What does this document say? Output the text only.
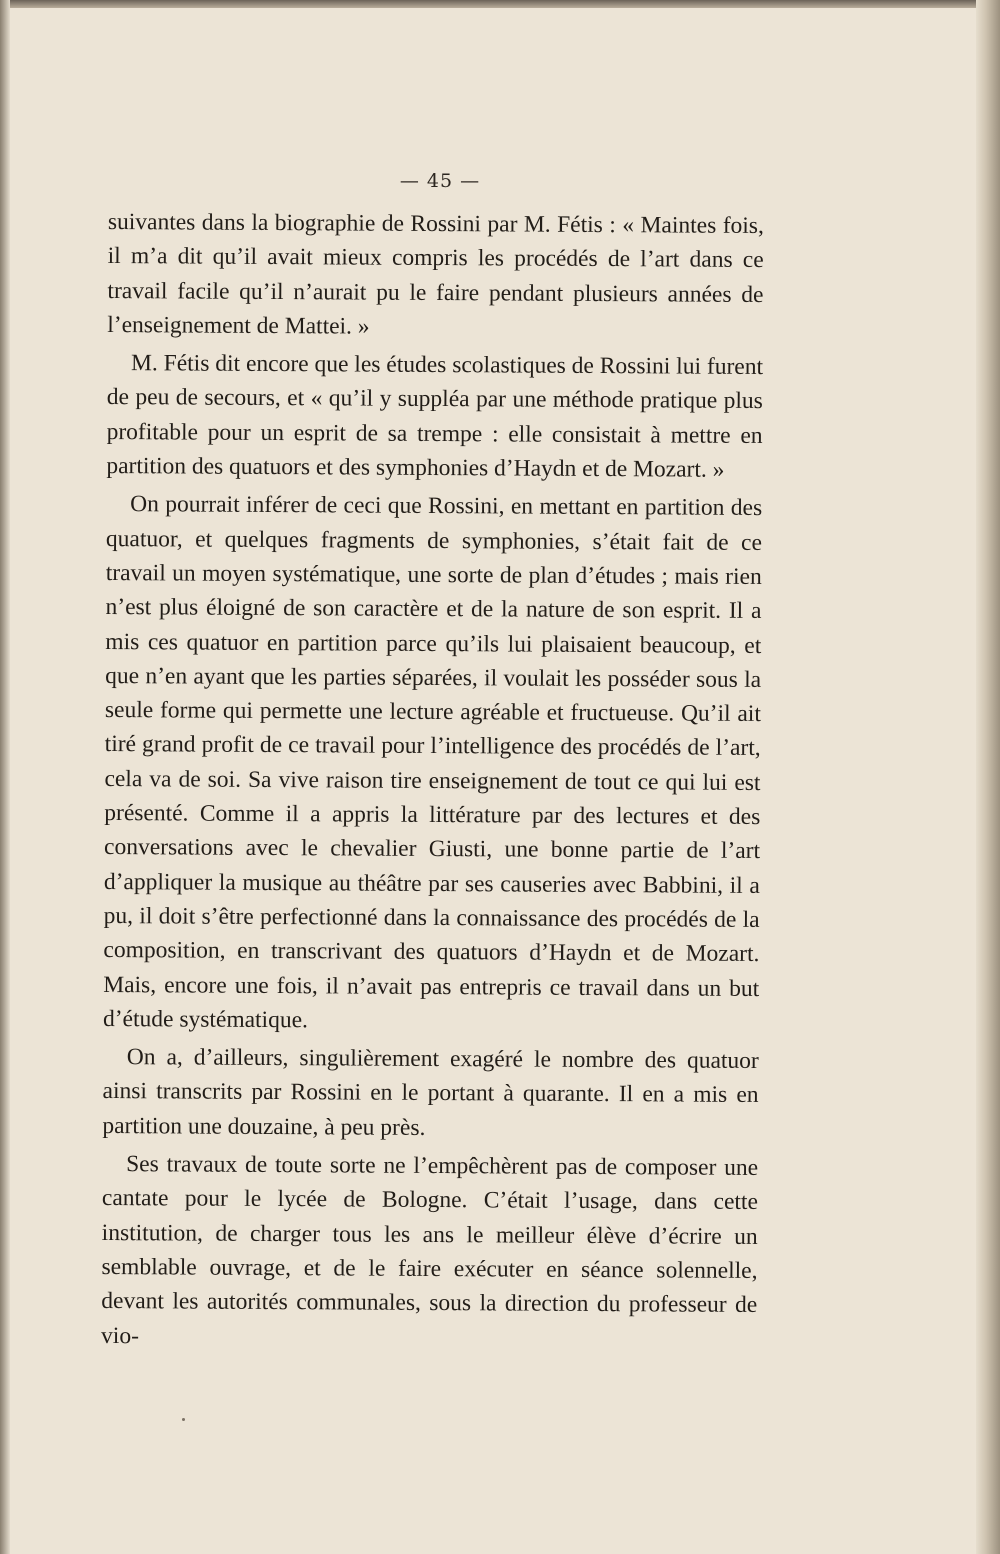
— 45 —

suivantes dans la biographie de Rossini par M. Fétis : « Maintes fois, il m’a dit qu’il avait mieux compris les procédés de l’art dans ce travail facile qu’il n’aurait pu le faire pendant plusieurs années de l’enseignement de Mattei. »

M. Fétis dit encore que les études scolastiques de Rossini lui furent de peu de secours, et « qu’il y suppléa par une méthode pratique plus profitable pour un esprit de sa trempe : elle consistait à mettre en partition des quatuors et des symphonies d’Haydn et de Mozart. »

On pourrait inférer de ceci que Rossini, en mettant en partition des quatuor, et quelques fragments de symphonies, s’était fait de ce travail un moyen systématique, une sorte de plan d’études ; mais rien n’est plus éloigné de son caractère et de la nature de son esprit. Il a mis ces quatuor en partition parce qu’ils lui plaisaient beaucoup, et que n’en ayant que les parties séparées, il voulait les posséder sous la seule forme qui permette une lecture agréable et fructueuse. Qu’il ait tiré grand profit de ce travail pour l’intelligence des procédés de l’art, cela va de soi. Sa vive raison tire enseignement de tout ce qui lui est présenté. Comme il a appris la littérature par des lectures et des conversations avec le chevalier Giusti, une bonne partie de l’art d’appliquer la musique au théâtre par ses causeries avec Babbini, il a pu, il doit s’être perfectionné dans la connaissance des procédés de la composition, en transcrivant des quatuors d’Haydn et de Mozart. Mais, encore une fois, il n’avait pas entrepris ce travail dans un but d’étude systématique.

On a, d’ailleurs, singulièrement exagéré le nombre des quatuor ainsi transcrits par Rossini en le portant à quarante. Il en a mis en partition une douzaine, à peu près.

Ses travaux de toute sorte ne l’empêchèrent pas de composer une cantate pour le lycée de Bologne. C’était l’usage, dans cette institution, de charger tous les ans le meilleur élève d’écrire un semblable ouvrage, et de le faire exécuter en séance solennelle, devant les autorités communales, sous la direction du professeur de vio-
